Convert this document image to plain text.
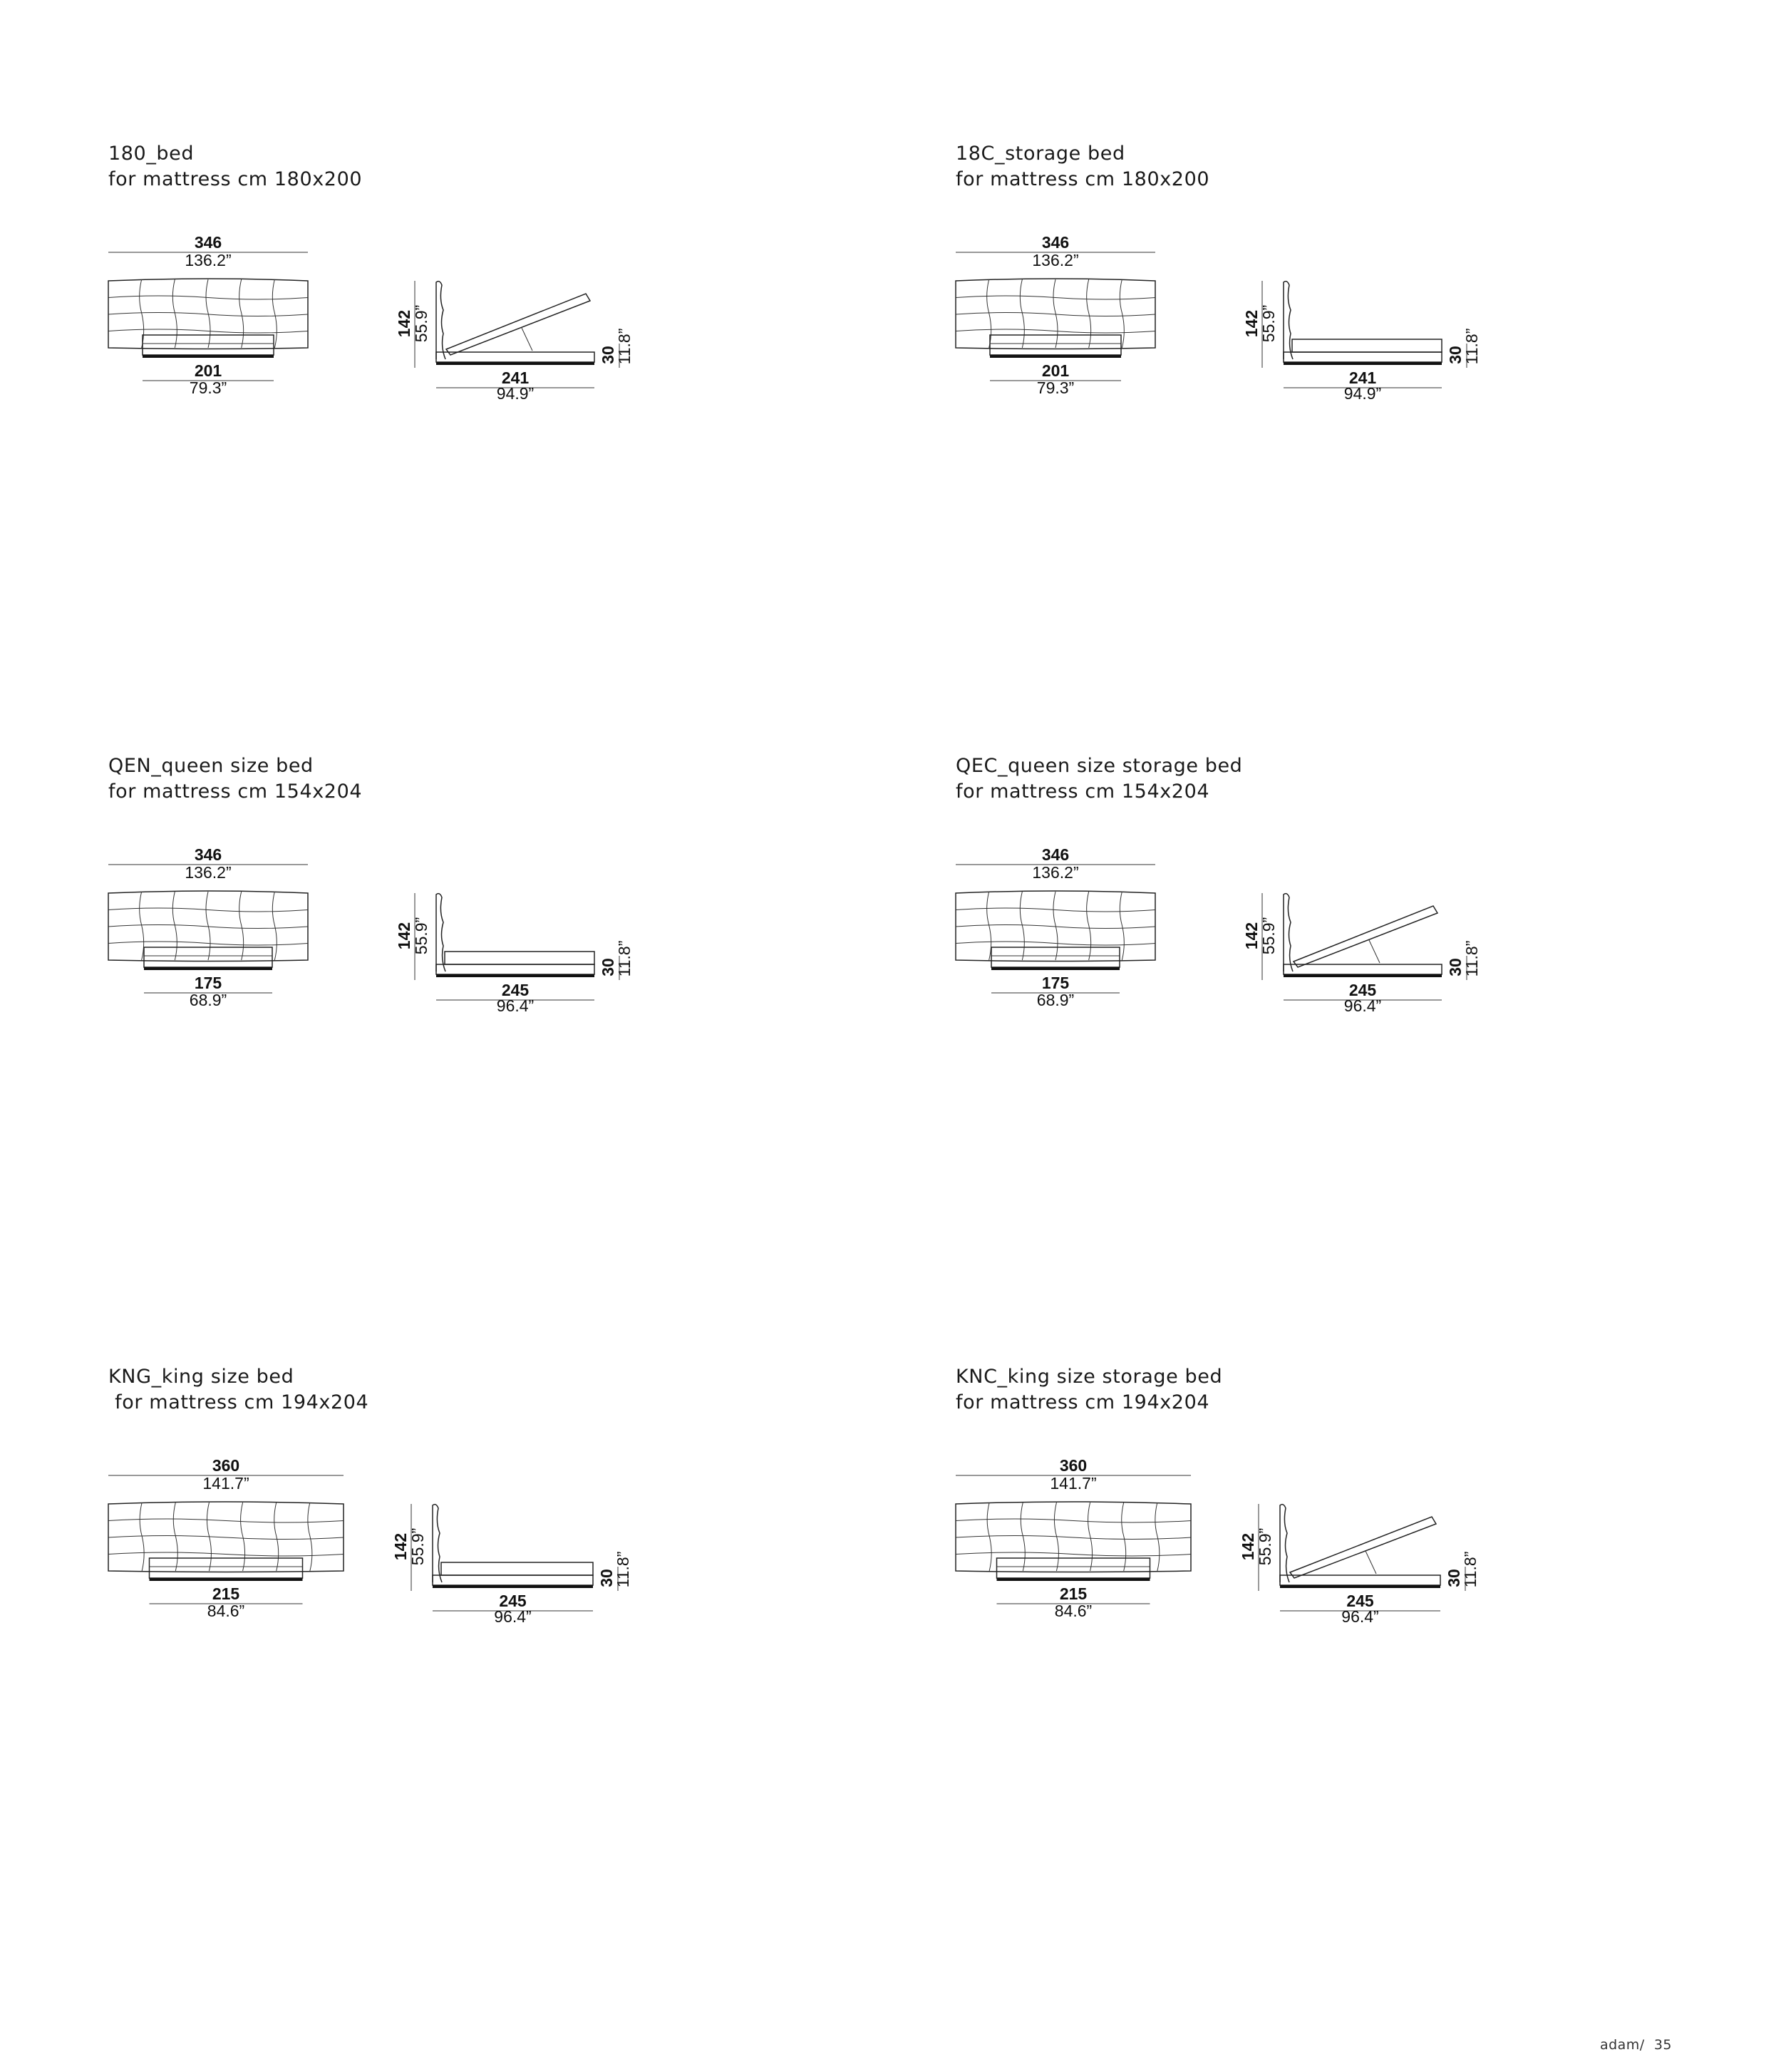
180_bed
for mattress cm 180x200
346
136.2”
201
79.3”
142
55.9”
30
11.8”
241
94.9”
18C_storage bed
for mattress cm 180x200
346
136.2”
201
79.3”
142
55.9”
30
11.8”
241
94.9”
QEN_queen size bed
for mattress cm 154x204
346
136.2”
175
68.9”
142
55.9”
30
11.8”
245
96.4”
QEC_queen size storage bed
for mattress cm 154x204
346
136.2”
175
68.9”
142
55.9”
30
11.8”
245
96.4”
KNG_king size bed
for mattress cm 194x204
360
141.7”
215
84.6”
142
55.9”
30
11.8”
245
96.4”
KNC_king size storage bed
for mattress cm 194x204
360
141.7”
215
84.6”
142
55.9”
30
11.8”
245
96.4”
adam/ 35
